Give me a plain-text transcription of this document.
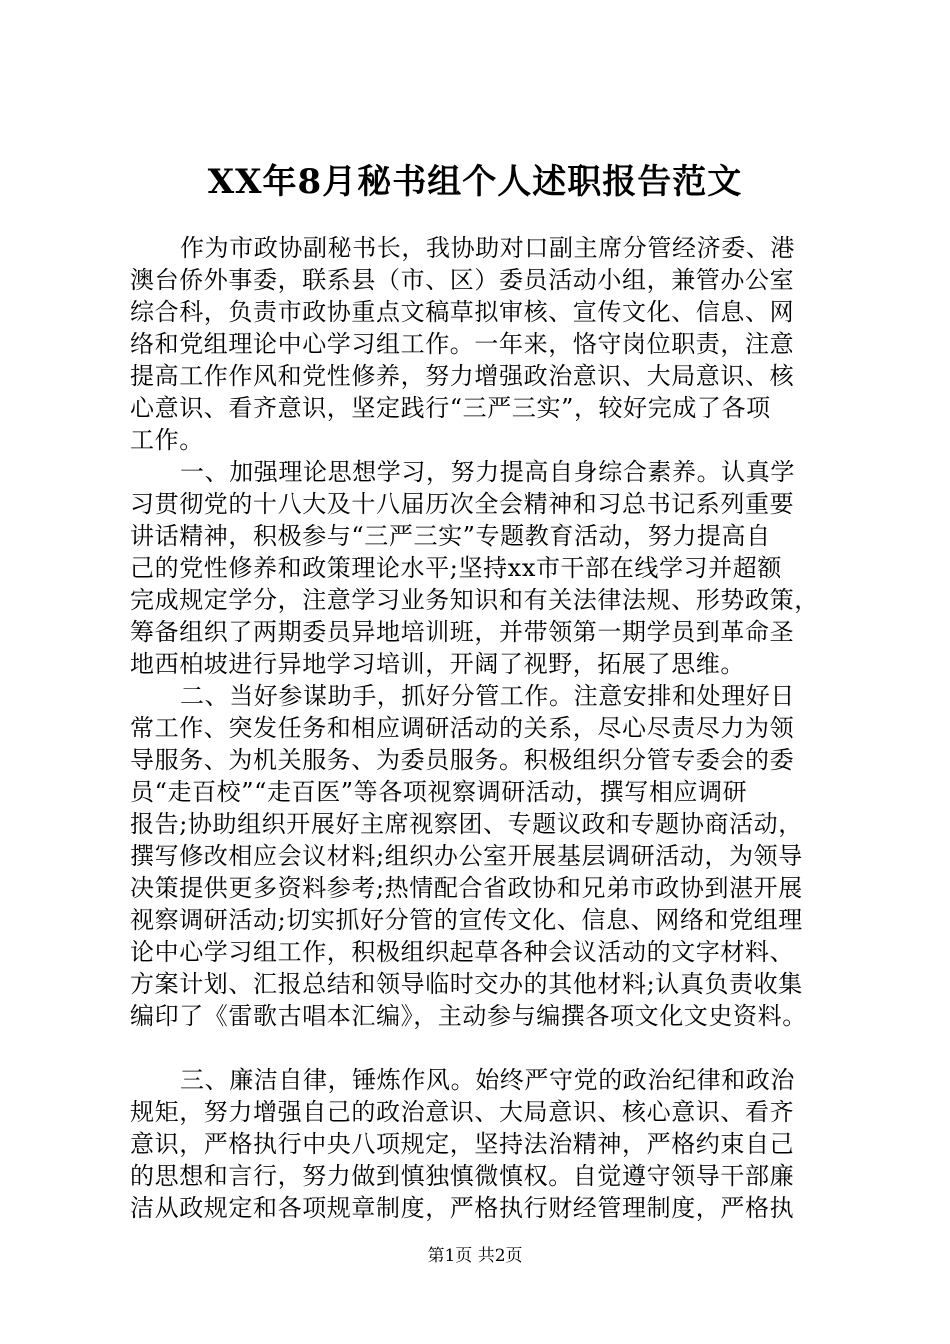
XX年8月秘书组个人述职报告范文
作为市政协副秘书长，我协助对口副主席分管经济委、港
澳台侨外事委，联系县（市、区）委员活动小组，兼管办公室
综合科，负责市政协重点文稿草拟审核、宣传文化、信息、网
络和党组理论中心学习组工作。一年来，恪守岗位职责，注意
提高工作作风和党性修养，努力增强政治意识、大局意识、核
心意识、看齐意识，坚定践行“三严三实”，较好完成了各项
工作。
一、加强理论思想学习，努力提高自身综合素养。认真学
习贯彻党的十八大及十八届历次全会精神和习总书记系列重要
讲话精神，积极参与“三严三实”专题教育活动，努力提高自
己的党性修养和政策理论水平;坚持xx市干部在线学习并超额
完成规定学分，注意学习业务知识和有关法律法规、形势政策，
筹备组织了两期委员异地培训班，并带领第一期学员到革命圣
地西柏坡进行异地学习培训，开阔了视野，拓展了思维。
二、当好参谋助手，抓好分管工作。注意安排和处理好日
常工作、突发任务和相应调研活动的关系，尽心尽责尽力为领
导服务、为机关服务、为委员服务。积极组织分管专委会的委
员“走百校”“走百医”等各项视察调研活动，撰写相应调研
报告;协助组织开展好主席视察团、专题议政和专题协商活动，
撰写修改相应会议材料;组织办公室开展基层调研活动，为领导
决策提供更多资料参考;热情配合省政协和兄弟市政协到湛开展
视察调研活动;切实抓好分管的宣传文化、信息、网络和党组理
论中心学习组工作，积极组织起草各种会议活动的文字材料、
方案计划、汇报总结和领导临时交办的其他材料;认真负责收集
编印了《雷歌古唱本汇编》，主动参与编撰各项文化文史资料。
三、廉洁自律，锤炼作风。始终严守党的政治纪律和政治
规矩，努力增强自己的政治意识、大局意识、核心意识、看齐
意识，严格执行中央八项规定，坚持法治精神，严格约束自己
的思想和言行，努力做到慎独慎微慎权。自觉遵守领导干部廉
洁从政规定和各项规章制度，严格执行财经管理制度，严格执
第1页 共2页
